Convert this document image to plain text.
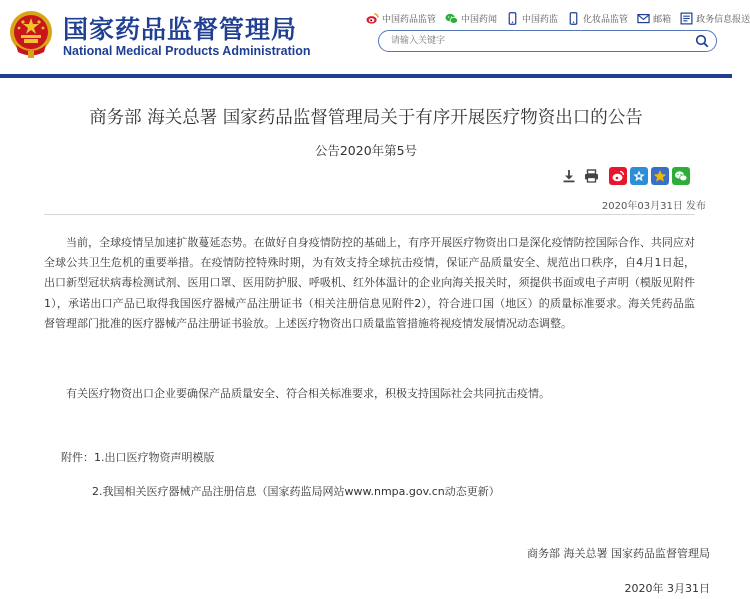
国家药品监督管理局
National Medical Products Administration
中国药品监管	中国药闻	中国药监	化妆品监管	邮箱	政务信息报送
请输入关键字
商务部 海关总署 国家药品监督管理局关于有序开展医疗物资出口的公告
公告2020年第5号
2020年03月31日 发布

当前，全球疫情呈加速扩散蔓延态势。在做好自身疫情防控的基础上，有序开展医疗物资出口是深化疫情防控国际合作、共同应对全球公共卫生危机的重要举措。在疫情防控特殊时期，为有效支持全球抗击疫情，保证产品质量安全、规范出口秩序，自4月1日起，出口新型冠状病毒检测试剂、医用口罩、医用防护服、呼吸机、红外体温计的企业向海关报关时，须提供书面或电子声明（模版见附件1），承诺出口产品已取得我国医疗器械产品注册证书（相关注册信息见附件2），符合进口国（地区）的质量标准要求。海关凭药品监督管理部门批准的医疗器械产品注册证书验放。上述医疗物资出口质量监管措施将视疫情发展情况动态调整。

有关医疗物资出口企业要确保产品质量安全、符合相关标准要求，积极支持国际社会共同抗击疫情。

附件：1.出口医疗物资声明模版
2.我国相关医疗器械产品注册信息（国家药监局网站www.nmpa.gov.cn动态更新）
商务部 海关总署 国家药品监督管理局
2020年 3月31日
